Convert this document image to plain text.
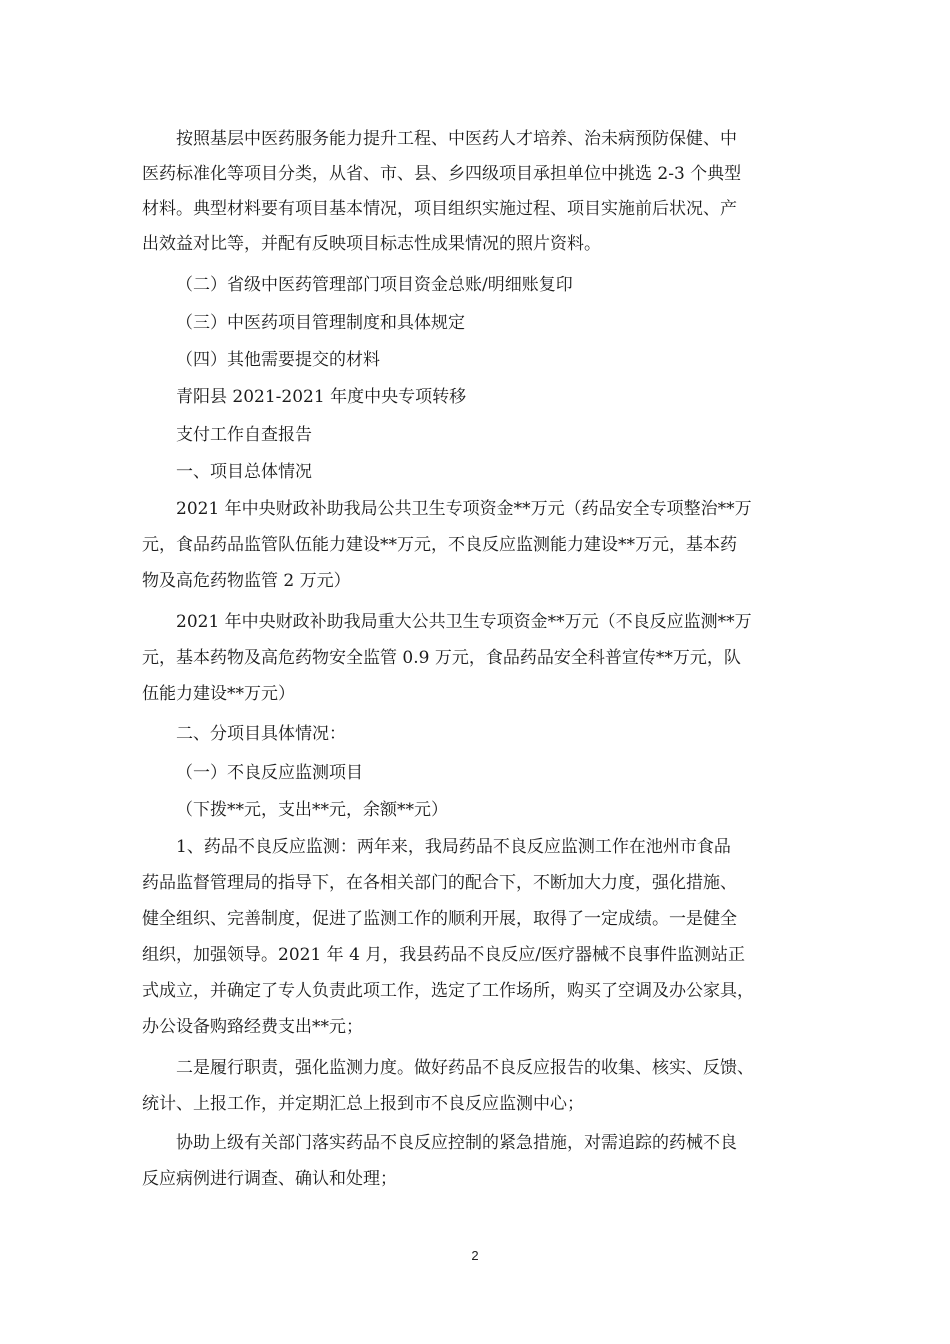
按照基层中医药服务能力提升工程、中医药人才培养、治未病预防保健、中

医药标准化等项目分类，从省、市、县、乡四级项目承担单位中挑选 2-3 个典型

材料。典型材料要有项目基本情况，项目组织实施过程、项目实施前后状况、产

出效益对比等，并配有反映项目标志性成果情况的照片资料。

（二）省级中医药管理部门项目资金总账/明细账复印

（三）中医药项目管理制度和具体规定

（四）其他需要提交的材料

青阳县 2021-2021 年度中央专项转移

支付工作自查报告

一、项目总体情况

2021 年中央财政补助我局公共卫生专项资金**万元（药品安全专项整治**万

元，食品药品监管队伍能力建设**万元，不良反应监测能力建设**万元，基本药

物及高危药物监管 2 万元）

2021 年中央财政补助我局重大公共卫生专项资金**万元（不良反应监测**万

元，基本药物及高危药物安全监管 0.9 万元，食品药品安全科普宣传**万元，队

伍能力建设**万元）

二、分项目具体情况：

（一）不良反应监测项目

（下拨**元，支出**元，余额**元）

1、药品不良反应监测：两年来，我局药品不良反应监测工作在池州市食品

药品监督管理局的指导下，在各相关部门的配合下，不断加大力度，强化措施、

健全组织、完善制度，促进了监测工作的顺利开展，取得了一定成绩。一是健全

组织，加强领导。2021 年 4 月，我县药品不良反应/医疗器械不良事件监测站正

式成立，并确定了专人负责此项工作，选定了工作场所，购买了空调及办公家具，

办公设备购臵经费支出**元；

二是履行职责，强化监测力度。做好药品不良反应报告的收集、核实、反馈、

统计、上报工作，并定期汇总上报到市不良反应监测中心；

协助上级有关部门落实药品不良反应控制的紧急措施，对需追踪的药械不良

反应病例进行调查、确认和处理；

2
